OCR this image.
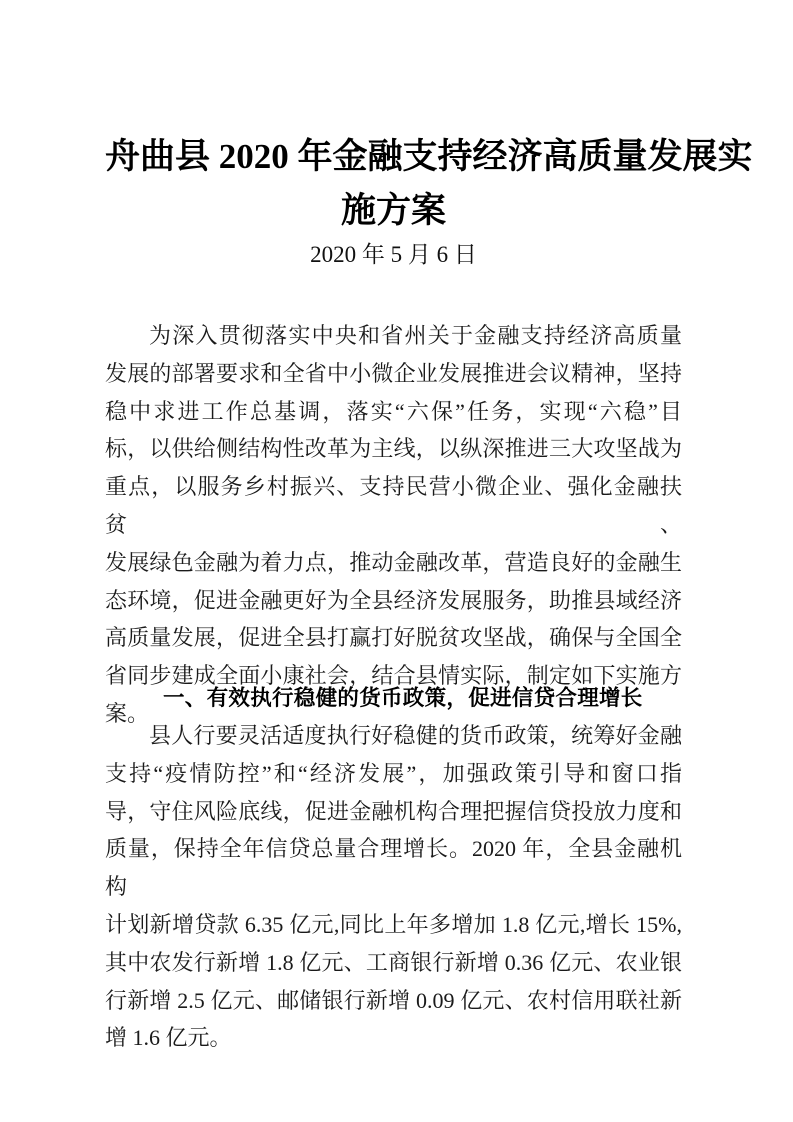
舟曲县 2020 年金融支持经济高质量发展实
施方案
2020 年 5 月 6 日
为深入贯彻落实中央和省州关于金融支持经济高质量
发展的部署要求和全省中小微企业发展推进会议精神，坚持
稳中求进工作总基调，落实“六保”任务，实现“六稳”目
标，以供给侧结构性改革为主线，以纵深推进三大攻坚战为
重点，以服务乡村振兴、支持民营小微企业、强化金融扶贫、
发展绿色金融为着力点，推动金融改革，营造良好的金融生
态环境，促进金融更好为全县经济发展服务，助推县域经济
高质量发展，促进全县打赢打好脱贫攻坚战，确保与全国全
省同步建成全面小康社会，结合县情实际，制定如下实施方
案。
一、有效执行稳健的货币政策，促进信贷合理增长
县人行要灵活适度执行好稳健的货币政策，统筹好金融
支持“疫情防控”和“经济发展”，加强政策引导和窗口指
导，守住风险底线，促进金融机构合理把握信贷投放力度和
质量，保持全年信贷总量合理增长。2020 年，全县金融机构
计划新增贷款 6.35 亿元,同比上年多增加 1.8 亿元,增长 15%,
其中农发行新增 1.8 亿元、工商银行新增 0.36 亿元、农业银
行新增 2.5 亿元、邮储银行新增 0.09 亿元、农村信用联社新
增 1.6 亿元。
